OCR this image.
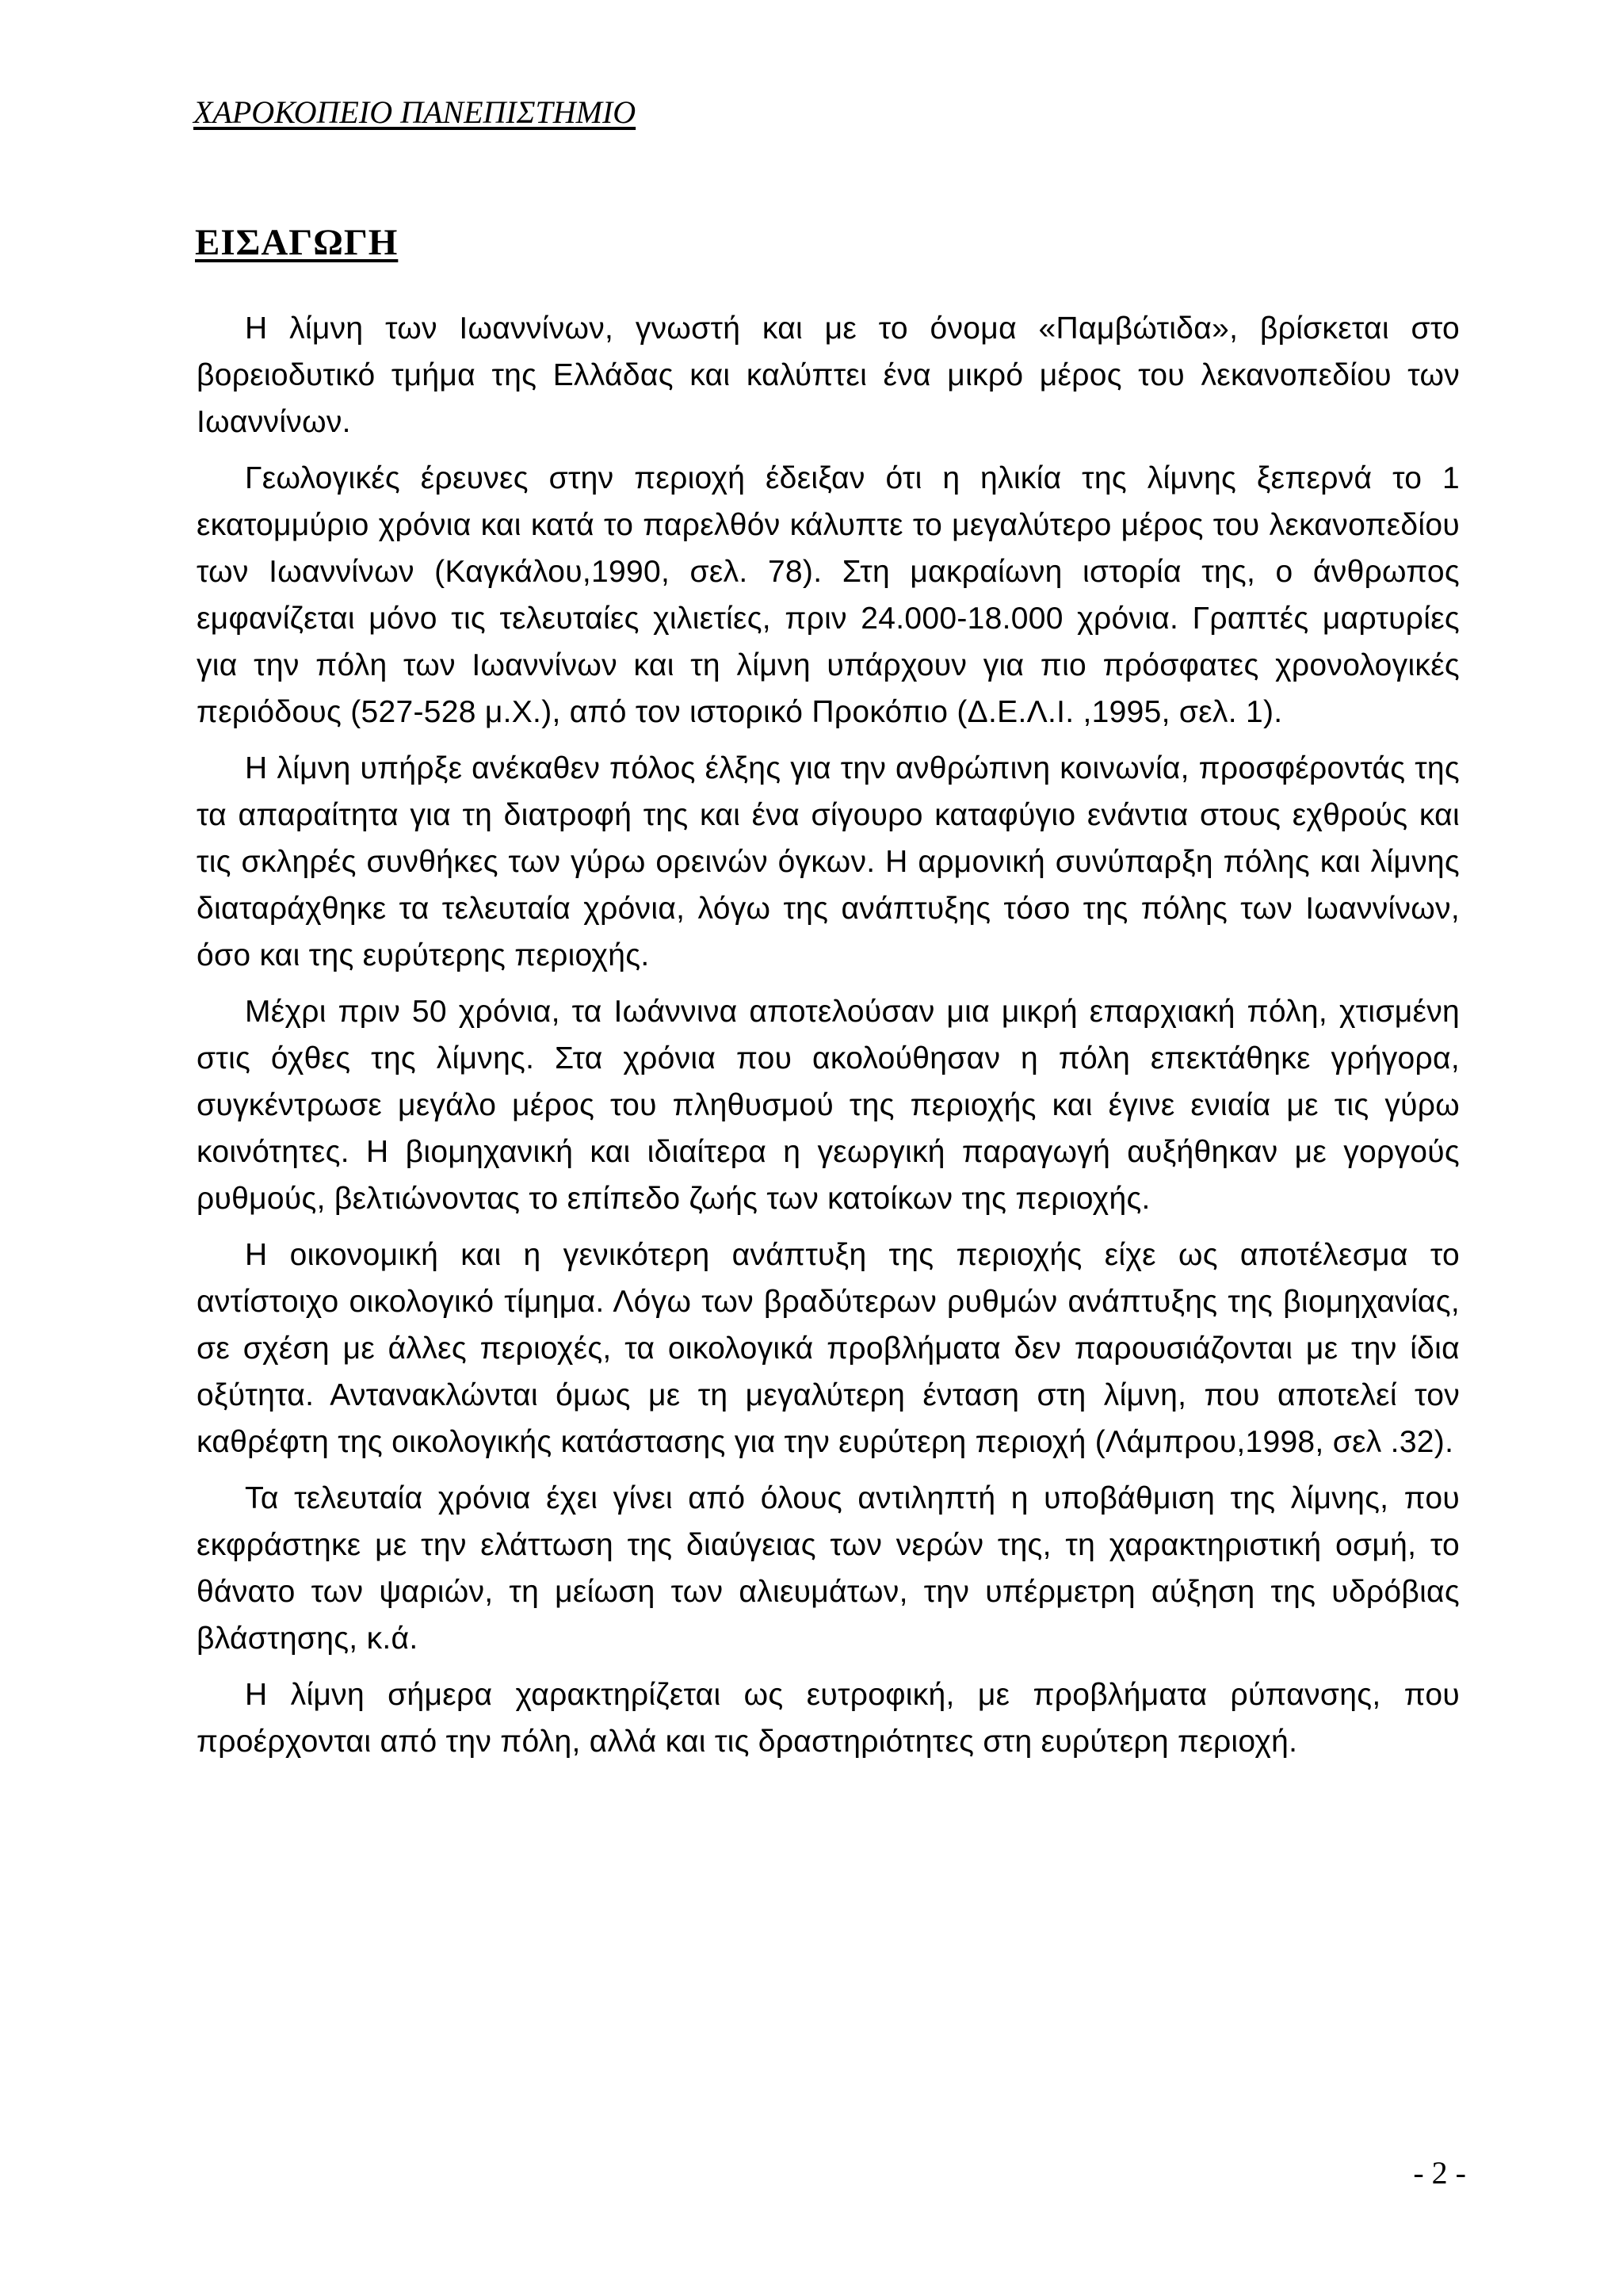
ΧΑΡΟΚΟΠΕΙΟ ΠΑΝΕΠΙΣΤΗΜΙΟ
ΕΙΣΑΓΩΓΗ

Η λίμνη των Ιωαννίνων, γνωστή και με το όνομα «Παμβώτιδα», βρίσκεται στο βορειοδυτικό τμήμα της Ελλάδας και καλύπτει ένα μικρό μέρος του λεκανοπεδίου των Ιωαννίνων.

Γεωλογικές έρευνες στην περιοχή έδειξαν ότι η ηλικία της λίμνης ξεπερνά το 1 εκατομμύριο χρόνια και κατά το παρελθόν κάλυπτε το μεγαλύτερο μέρος του λεκανοπεδίου των Ιωαννίνων (Καγκάλου,1990, σελ. 78). Στη μακραίωνη ιστορία της, ο άνθρωπος εμφανίζεται μόνο τις τελευταίες χιλιετίες, πριν 24.000-18.000 χρόνια. Γραπτές μαρτυρίες για την πόλη των Ιωαννίνων και τη λίμνη υπάρχουν για πιο πρόσφατες χρονολογικές περιόδους (527-528 μ.Χ.), από τον ιστορικό Προκόπιο (Δ.Ε.Λ.Ι. ,1995, σελ. 1).

Η λίμνη υπήρξε ανέκαθεν πόλος έλξης για την ανθρώπινη κοινωνία, προσφέροντάς της τα απαραίτητα για τη διατροφή της και ένα σίγουρο καταφύγιο ενάντια στους εχθρούς και τις σκληρές συνθήκες των γύρω ορεινών όγκων. Η αρμονική συνύπαρξη πόλης και λίμνης διαταράχθηκε τα τελευταία χρόνια, λόγω της ανάπτυξης τόσο της πόλης των Ιωαννίνων, όσο και της ευρύτερης περιοχής.

Μέχρι πριν 50 χρόνια, τα Ιωάννινα αποτελούσαν μια μικρή επαρχιακή πόλη, χτισμένη στις όχθες της λίμνης. Στα χρόνια που ακολούθησαν η πόλη επεκτάθηκε γρήγορα, συγκέντρωσε μεγάλο μέρος του πληθυσμού της περιοχής και έγινε ενιαία με τις γύρω κοινότητες. Η βιομηχανική και ιδιαίτερα η γεωργική παραγωγή αυξήθηκαν με γοργούς ρυθμούς, βελτιώνοντας το επίπεδο ζωής των κατοίκων της περιοχής.

Η οικονομική και η γενικότερη ανάπτυξη της περιοχής είχε ως αποτέλεσμα το αντίστοιχο οικολογικό τίμημα. Λόγω των βραδύτερων ρυθμών ανάπτυξης της βιομηχανίας, σε σχέση με άλλες περιοχές, τα οικολογικά προβλήματα δεν παρουσιάζονται με την ίδια οξύτητα. Αντανακλώνται όμως με τη μεγαλύτερη ένταση στη λίμνη, που αποτελεί τον καθρέφτη της οικολογικής κατάστασης για την ευρύτερη περιοχή (Λάμπρου,1998, σελ .32).

Τα τελευταία χρόνια έχει γίνει από όλους αντιληπτή η υποβάθμιση της λίμνης, που εκφράστηκε με την ελάττωση της διαύγειας των νερών της, τη χαρακτηριστική οσμή, το θάνατο των ψαριών, τη μείωση των αλιευμάτων, την υπέρμετρη αύξηση της υδρόβιας βλάστησης, κ.ά.

Η λίμνη σήμερα χαρακτηρίζεται ως ευτροφική, με προβλήματα ρύπανσης, που προέρχονται από την πόλη, αλλά και τις δραστηριότητες στη ευρύτερη περιοχή.

- 2 -
